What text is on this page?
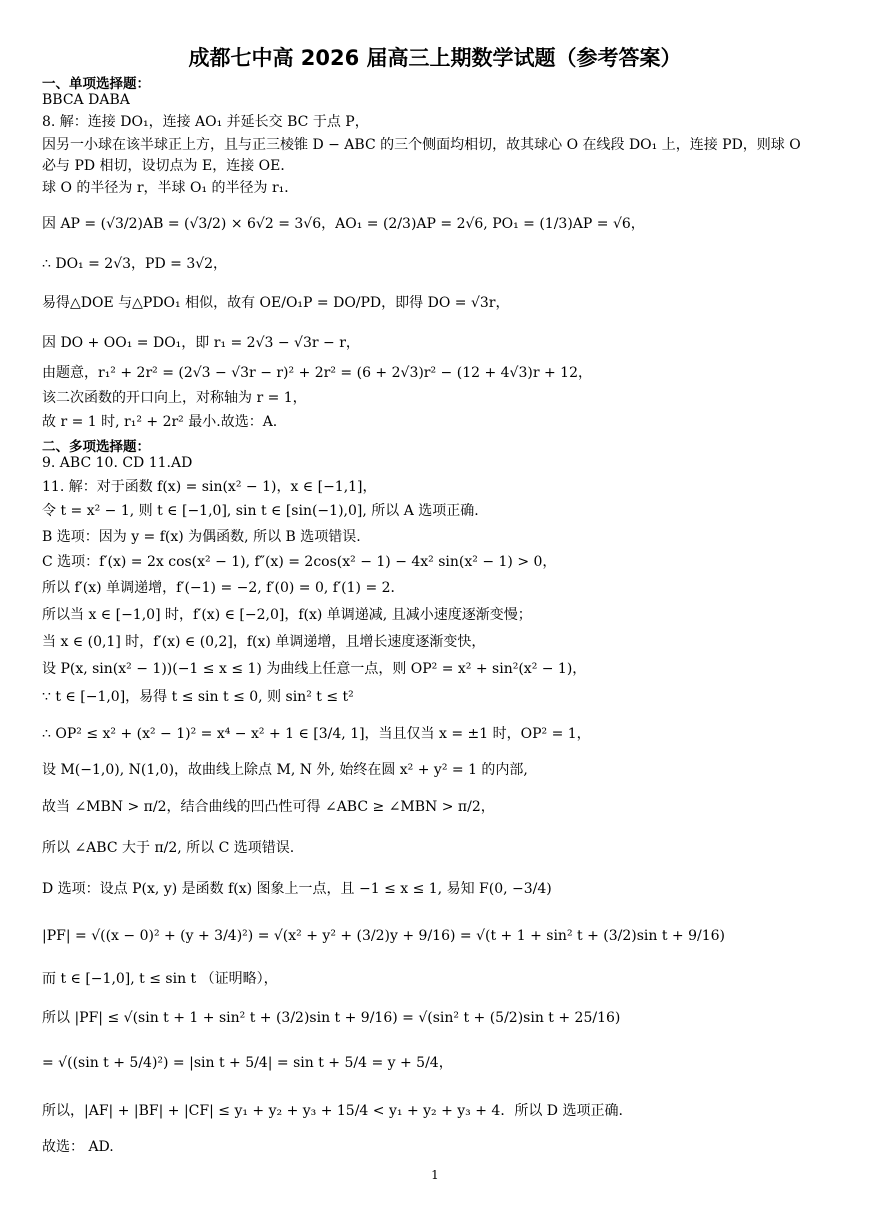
成都七中高 2026 届高三上期数学试题（参考答案）
一、单项选择题：
BBCA DABA
8. 解：连接 DO₁，连接 AO₁ 并延长交 BC 于点 P，
因另一小球在该半球正上方，且与正三棱锥 D − ABC 的三个侧面均相切，故其球心 O 在线段 DO₁ 上，连接 PD，则球 O
必与 PD 相切，设切点为 E，连接 OE．
球 O 的半径为 r，半球 O₁ 的半径为 r₁．
因 AP = (√3/2)AB = (√3/2) × 6√2 = 3√6，AO₁ = (2/3)AP = 2√6, PO₁ = (1/3)AP = √6，
∴ DO₁ = 2√3，PD = 3√2，
易得△DOE 与△PDO₁ 相似，故有 OE/O₁P = DO/PD，即得 DO = √3r，
因 DO + OO₁ = DO₁，即 r₁ = 2√3 − √3r − r，
由题意，r₁² + 2r² = (2√3 − √3r − r)² + 2r² = (6 + 2√3)r² − (12 + 4√3)r + 12，
该二次函数的开口向上，对称轴为 r = 1，
故 r = 1 时, r₁² + 2r² 最小.故选：A.
二、多项选择题：
9. ABC 10. CD 11.AD
11. 解：对于函数 f(x) = sin(x² − 1)，x ∈ [−1,1]，
令 t = x² − 1, 则 t ∈ [−1,0], sin t ∈ [sin(−1),0], 所以 A 选项正确.
B 选项：因为 y = f(x) 为偶函数, 所以 B 选项错误.
C 选项：f′(x) = 2x cos(x² − 1), f″(x) = 2cos(x² − 1) − 4x² sin(x² − 1) > 0，
所以 f′(x) 单调递增，f′(−1) = −2, f′(0) = 0, f′(1) = 2．
所以当 x ∈ [−1,0] 时，f′(x) ∈ [−2,0]，f(x) 单调递减, 且减小速度逐渐变慢；
当 x ∈ (0,1] 时，f′(x) ∈ (0,2]，f(x) 单调递增，且增长速度逐渐变快，
设 P(x, sin(x² − 1))(−1 ≤ x ≤ 1) 为曲线上任意一点，则 OP² = x² + sin²(x² − 1)，
∵ t ∈ [−1,0]，易得 t ≤ sin t ≤ 0, 则 sin² t ≤ t²
∴ OP² ≤ x² + (x² − 1)² = x⁴ − x² + 1 ∈ [3/4, 1]，当且仅当 x = ±1 时，OP² = 1，
设 M(−1,0), N(1,0)，故曲线上除点 M, N 外, 始终在圆 x² + y² = 1 的内部,
故当 ∠MBN > π/2，结合曲线的凹凸性可得 ∠ABC ≥ ∠MBN > π/2，
所以 ∠ABC 大于 π/2, 所以 C 选项错误.
D 选项：设点 P(x, y) 是函数 f(x) 图象上一点，且 −1 ≤ x ≤ 1, 易知 F(0, −3/4)
|PF| = √((x − 0)² + (y + 3/4)²) = √(x² + y² + (3/2)y + 9/16) = √(t + 1 + sin² t + (3/2)sin t + 9/16)
而 t ∈ [−1,0], t ≤ sin t （证明略），
所以 |PF| ≤ √(sin t + 1 + sin² t + (3/2)sin t + 9/16) = √(sin² t + (5/2)sin t + 25/16)
= √((sin t + 5/4)²) = |sin t + 5/4| = sin t + 5/4 = y + 5/4，
所以，|AF| + |BF| + |CF| ≤ y₁ + y₂ + y₃ + 15/4 < y₁ + y₂ + y₃ + 4．所以 D 选项正确.
故选： AD.
1
